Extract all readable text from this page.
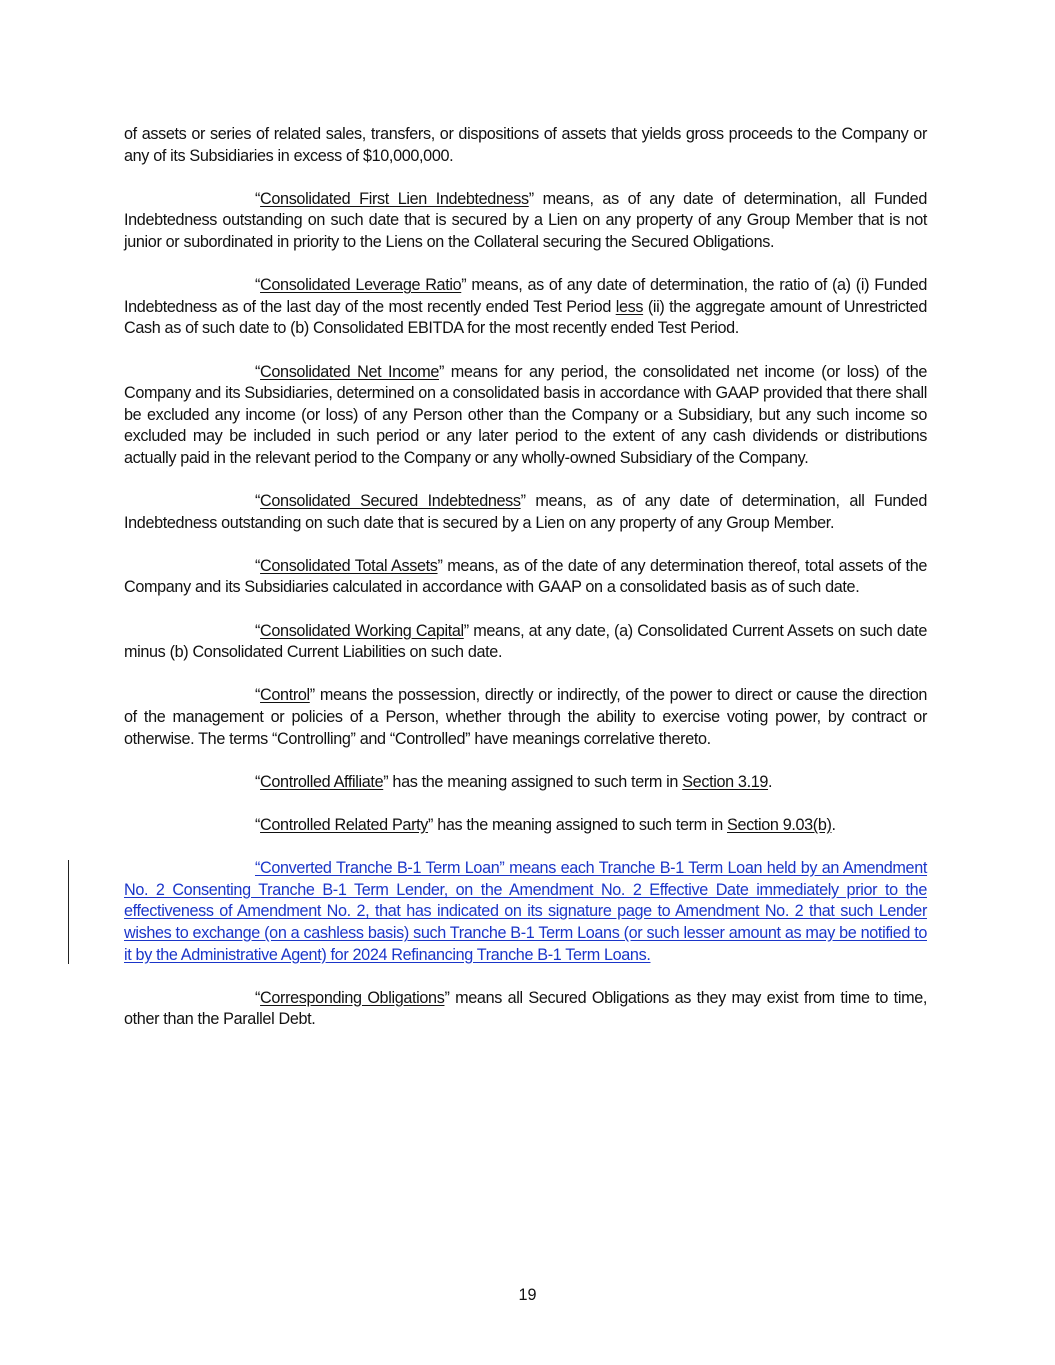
of assets or series of related sales, transfers, or dispositions of assets that yields gross proceeds to the Company or any of its Subsidiaries in excess of $10,000,000.

“Consolidated First Lien Indebtedness” means, as of any date of determination, all Funded Indebtedness outstanding on such date that is secured by a Lien on any property of any Group Member that is not junior or subordinated in priority to the Liens on the Collateral securing the Secured Obligations.

“Consolidated Leverage Ratio” means, as of any date of determination, the ratio of (a) (i) Funded Indebtedness as of the last day of the most recently ended Test Period less (ii) the aggregate amount of Unrestricted Cash as of such date to (b) Consolidated EBITDA for the most recently ended Test Period.

“Consolidated Net Income” means for any period, the consolidated net income (or loss) of the Company and its Subsidiaries, determined on a consolidated basis in accordance with GAAP provided that there shall be excluded any income (or loss) of any Person other than the Company or a Subsidiary, but any such income so excluded may be included in such period or any later period to the extent of any cash dividends or distributions actually paid in the relevant period to the Company or any wholly-owned Subsidiary of the Company.

“Consolidated Secured Indebtedness” means, as of any date of determination, all Funded Indebtedness outstanding on such date that is secured by a Lien on any property of any Group Member.

“Consolidated Total Assets” means, as of the date of any determination thereof, total assets of the Company and its Subsidiaries calculated in accordance with GAAP on a consolidated basis as of such date.

“Consolidated Working Capital” means, at any date, (a) Consolidated Current Assets on such date minus (b) Consolidated Current Liabilities on such date.

“Control” means the possession, directly or indirectly, of the power to direct or cause the direction of the management or policies of a Person, whether through the ability to exercise voting power, by contract or otherwise. The terms “Controlling” and “Controlled” have meanings correlative thereto.

“Controlled Affiliate” has the meaning assigned to such term in Section 3.19.

“Controlled Related Party” has the meaning assigned to such term in Section 9.03(b).

“Converted Tranche B-1 Term Loan” means each Tranche B-1 Term Loan held by an Amendment No. 2 Consenting Tranche B-1 Term Lender, on the Amendment No. 2 Effective Date immediately prior to the effectiveness of Amendment No. 2, that has indicated on its signature page to Amendment No. 2 that such Lender wishes to exchange (on a cashless basis) such Tranche B-1 Term Loans (or such lesser amount as may be notified to it by the Administrative Agent) for 2024 Refinancing Tranche B-1 Term Loans.

“Corresponding Obligations” means all Secured Obligations as they may exist from time to time, other than the Parallel Debt.

19
